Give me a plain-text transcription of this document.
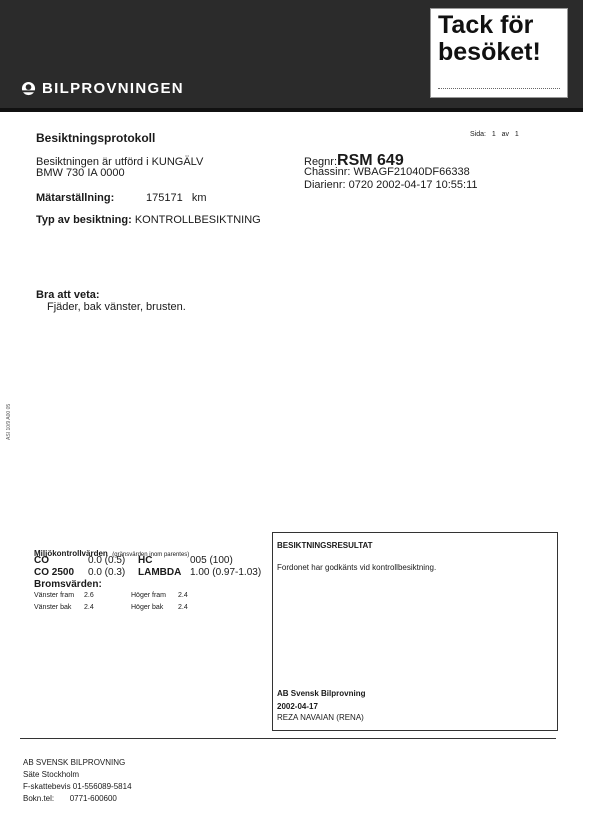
Tack för
besöket!
BILPROVNINGEN
Besiktningsprotokoll	Sida: 1 av 1
Besiktningen är utförd i KUNGÄLV
BMW 730 IA 0000
Regnr:RSM 649
Chassinr: WBAGF21040DF66338
Diarienr: 0720 2002-04-17 10:55:11
Mätarställning:	175171 km
Typ av besiktning: KONTROLLBESIKTNING
Bra att veta:
Fjäder, bak vänster, brusten.
ASI 10/9 A00 05
Miljökontrollvärden (gränsvärden inom parentes)
CO	0.0 (0.5) HC	005 (100)
CO 2500 0.0 (0.3) LAMBDA 1.00 (0.97-1.03)
Bromsvärden:
Vänster fram 2.6	Höger fram 2.4
Vänster bak 2.4	Höger bak 2.4
BESIKTNINGSRESULTAT
Fordonet har godkänts vid kontrollbesiktning.
AB Svensk Bilprovning
2002-04-17
REZA NAVAIAN (RENA)
AB SVENSK BILPROVNING
Säte Stockholm
F-skattebevis 01-556089-5814
Bokn.tel: 0771-600600
